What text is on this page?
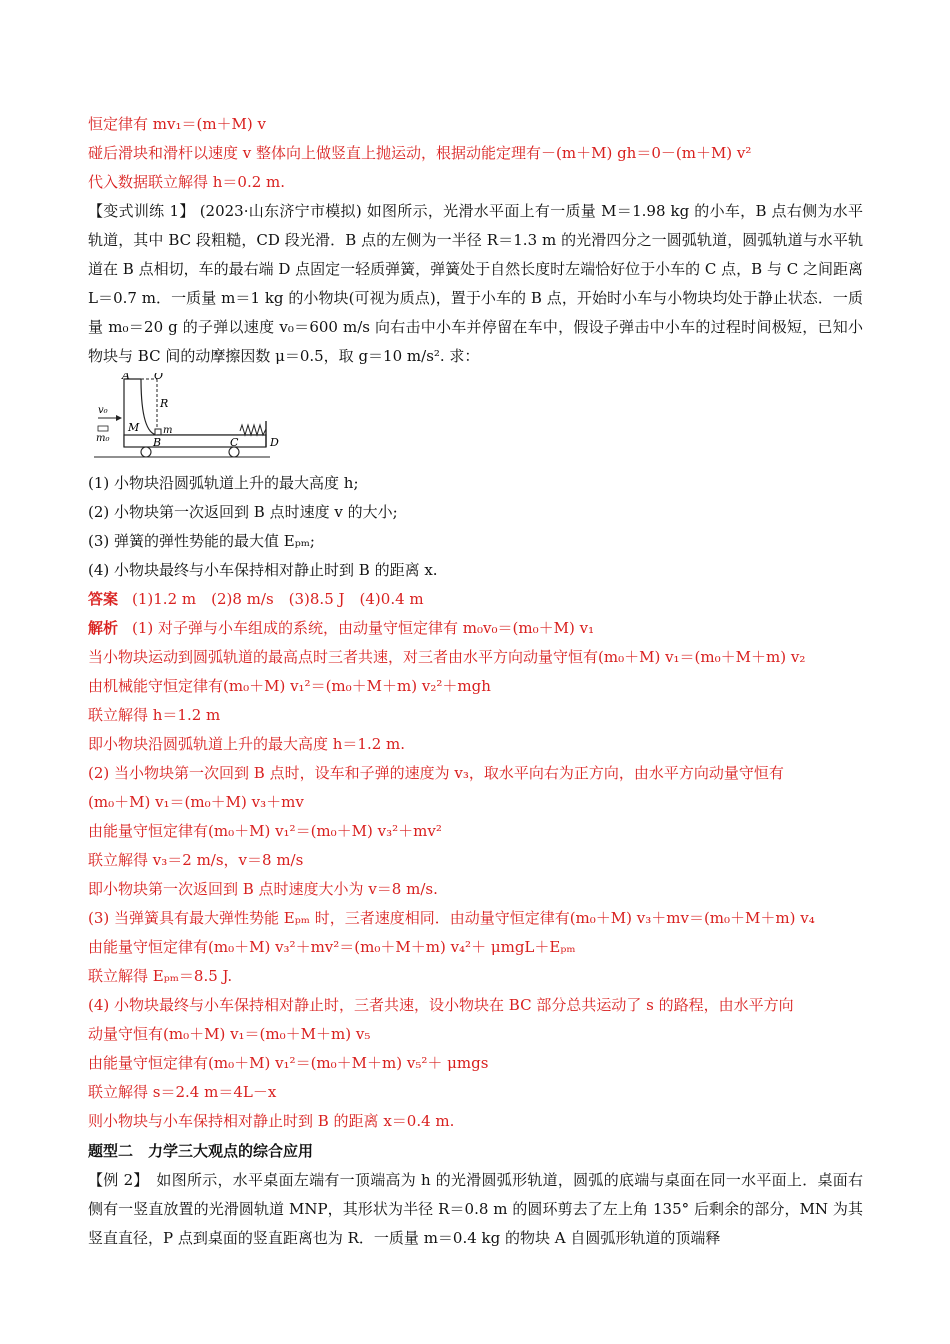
恒定律有 mv₁＝(m＋M) v
碰后滑块和滑杆以速度 v 整体向上做竖直上抛运动，根据动能定理有－(m＋M) gh＝0－(m＋M) v²
代入数据联立解得 h＝0.2 m.
【变式训练 1】 (2023·山东济宁市模拟) 如图所示，光滑水平面上有一质量 M＝1.98 kg 的小车，B 点右侧为水平轨道，其中 BC 段粗糙，CD 段光滑．B 点的左侧为一半径 R＝1.3 m 的光滑四分之一圆弧轨道，圆弧轨道与水平轨道在 B 点相切，车的最右端 D 点固定一轻质弹簧，弹簧处于自然长度时左端恰好位于小车的 C 点，B 与 C 之间距离 L＝0.7 m．一质量 m＝1 kg 的小物块(可视为质点)，置于小车的 B 点，开始时小车与小物块均处于静止状态．一质量 m₀＝20 g 的子弹以速度 v₀＝600 m/s 向右击中小车并停留在车中，假设子弹击中小车的过程时间极短，已知小物块与 BC 间的动摩擦因数 μ＝0.5，取 g＝10 m/s². 求：
A O
R
m
B
M
C	D
v₀
m₀
(1) 小物块沿圆弧轨道上升的最大高度 h;
(2) 小物块第一次返回到 B 点时速度 v 的大小;
(3) 弹簧的弹性势能的最大值 Eₚₘ;
(4) 小物块最终与小车保持相对静止时到 B 的距离 x.
答案 (1)1.2 m　(2)8 m/s　(3)8.5 J　(4)0.4 m
解析 (1) 对子弹与小车组成的系统，由动量守恒定律有 m₀v₀＝(m₀＋M) v₁
当小物块运动到圆弧轨道的最高点时三者共速，对三者由水平方向动量守恒有(m₀＋M) v₁＝(m₀＋M＋m) v₂
由机械能守恒定律有(m₀＋M) v₁²＝(m₀＋M＋m) v₂²＋mgh
联立解得 h＝1.2 m
即小物块沿圆弧轨道上升的最大高度 h＝1.2 m.
(2) 当小物块第一次回到 B 点时，设车和子弹的速度为 v₃，取水平向右为正方向，由水平方向动量守恒有
(m₀＋M) v₁＝(m₀＋M) v₃＋mv
由能量守恒定律有(m₀＋M) v₁²＝(m₀＋M) v₃²＋mv²
联立解得 v₃＝2 m/s，v＝8 m/s
即小物块第一次返回到 B 点时速度大小为 v＝8 m/s.
(3) 当弹簧具有最大弹性势能 Eₚₘ 时，三者速度相同．由动量守恒定律有(m₀＋M) v₃＋mv＝(m₀＋M＋m) v₄
由能量守恒定律有(m₀＋M) v₃²＋mv²＝(m₀＋M＋m) v₄²＋ μmgL＋Eₚₘ
联立解得 Eₚₘ＝8.5 J.
(4) 小物块最终与小车保持相对静止时，三者共速，设小物块在 BC 部分总共运动了 s 的路程，由水平方向
动量守恒有(m₀＋M) v₁＝(m₀＋M＋m) v₅
由能量守恒定律有(m₀＋M) v₁²＝(m₀＋M＋m) v₅²＋ μmgs
联立解得 s＝2.4 m＝4L－x
则小物块与小车保持相对静止时到 B 的距离 x＝0.4 m.
题型二　力学三大观点的综合应用
【例 2】　如图所示，水平桌面左端有一顶端高为 h 的光滑圆弧形轨道，圆弧的底端与桌面在同一水平面上．桌面右侧有一竖直放置的光滑圆轨道 MNP，其形状为半径 R＝0.8 m 的圆环剪去了左上角 135° 后剩余的部分，MN 为其竖直直径，P 点到桌面的竖直距离也为 R．一质量 m＝0.4 kg 的物块 A 自圆弧形轨道的顶端释
